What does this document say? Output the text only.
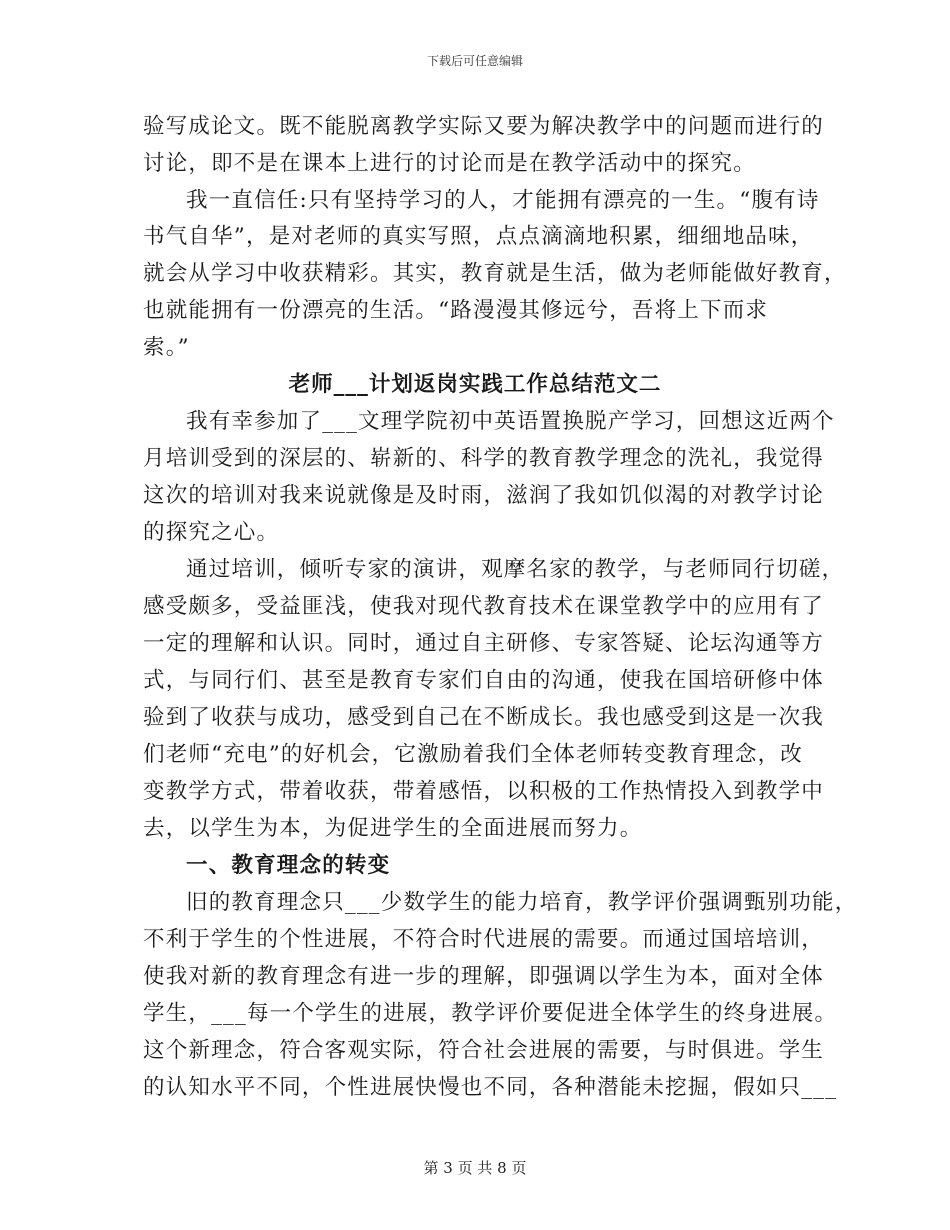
下载后可任意编辑
验写成论文。既不能脱离教学实际又要为解决教学中的问题而进行的
讨论，即不是在课本上进行的讨论而是在教学活动中的探究。
我一直信任:只有坚持学习的人，才能拥有漂亮的一生。“腹有诗
书气自华”，是对老师的真实写照，点点滴滴地积累，细细地品味，
就会从学习中收获精彩。其实，教育就是生活，做为老师能做好教育，
也就能拥有一份漂亮的生活。“路漫漫其修远兮，吾将上下而求
索。”
老师___计划返岗实践工作总结范文二
我有幸参加了___文理学院初中英语置换脱产学习，回想这近两个
月培训受到的深层的、崭新的、科学的教育教学理念的洗礼，我觉得
这次的培训对我来说就像是及时雨，滋润了我如饥似渴的对教学讨论
的探究之心。
通过培训，倾听专家的演讲，观摩名家的教学，与老师同行切磋，
感受颇多，受益匪浅，使我对现代教育技术在课堂教学中的应用有了
一定的理解和认识。同时，通过自主研修、专家答疑、论坛沟通等方
式，与同行们、甚至是教育专家们自由的沟通，使我在国培研修中体
验到了收获与成功，感受到自己在不断成长。我也感受到这是一次我
们老师“充电”的好机会，它激励着我们全体老师转变教育理念，改
变教学方式，带着收获，带着感悟，以积极的工作热情投入到教学中
去，以学生为本，为促进学生的全面进展而努力。
一、教育理念的转变
旧的教育理念只___少数学生的能力培育，教学评价强调甄别功能，
不利于学生的个性进展，不符合时代进展的需要。而通过国培培训，
使我对新的教育理念有进一步的理解，即强调以学生为本，面对全体
学生，___每一个学生的进展，教学评价要促进全体学生的终身进展。
这个新理念，符合客观实际，符合社会进展的需要，与时俱进。学生
的认知水平不同，个性进展快慢也不同，各种潜能未挖掘，假如只___
第 3 页 共 8 页
